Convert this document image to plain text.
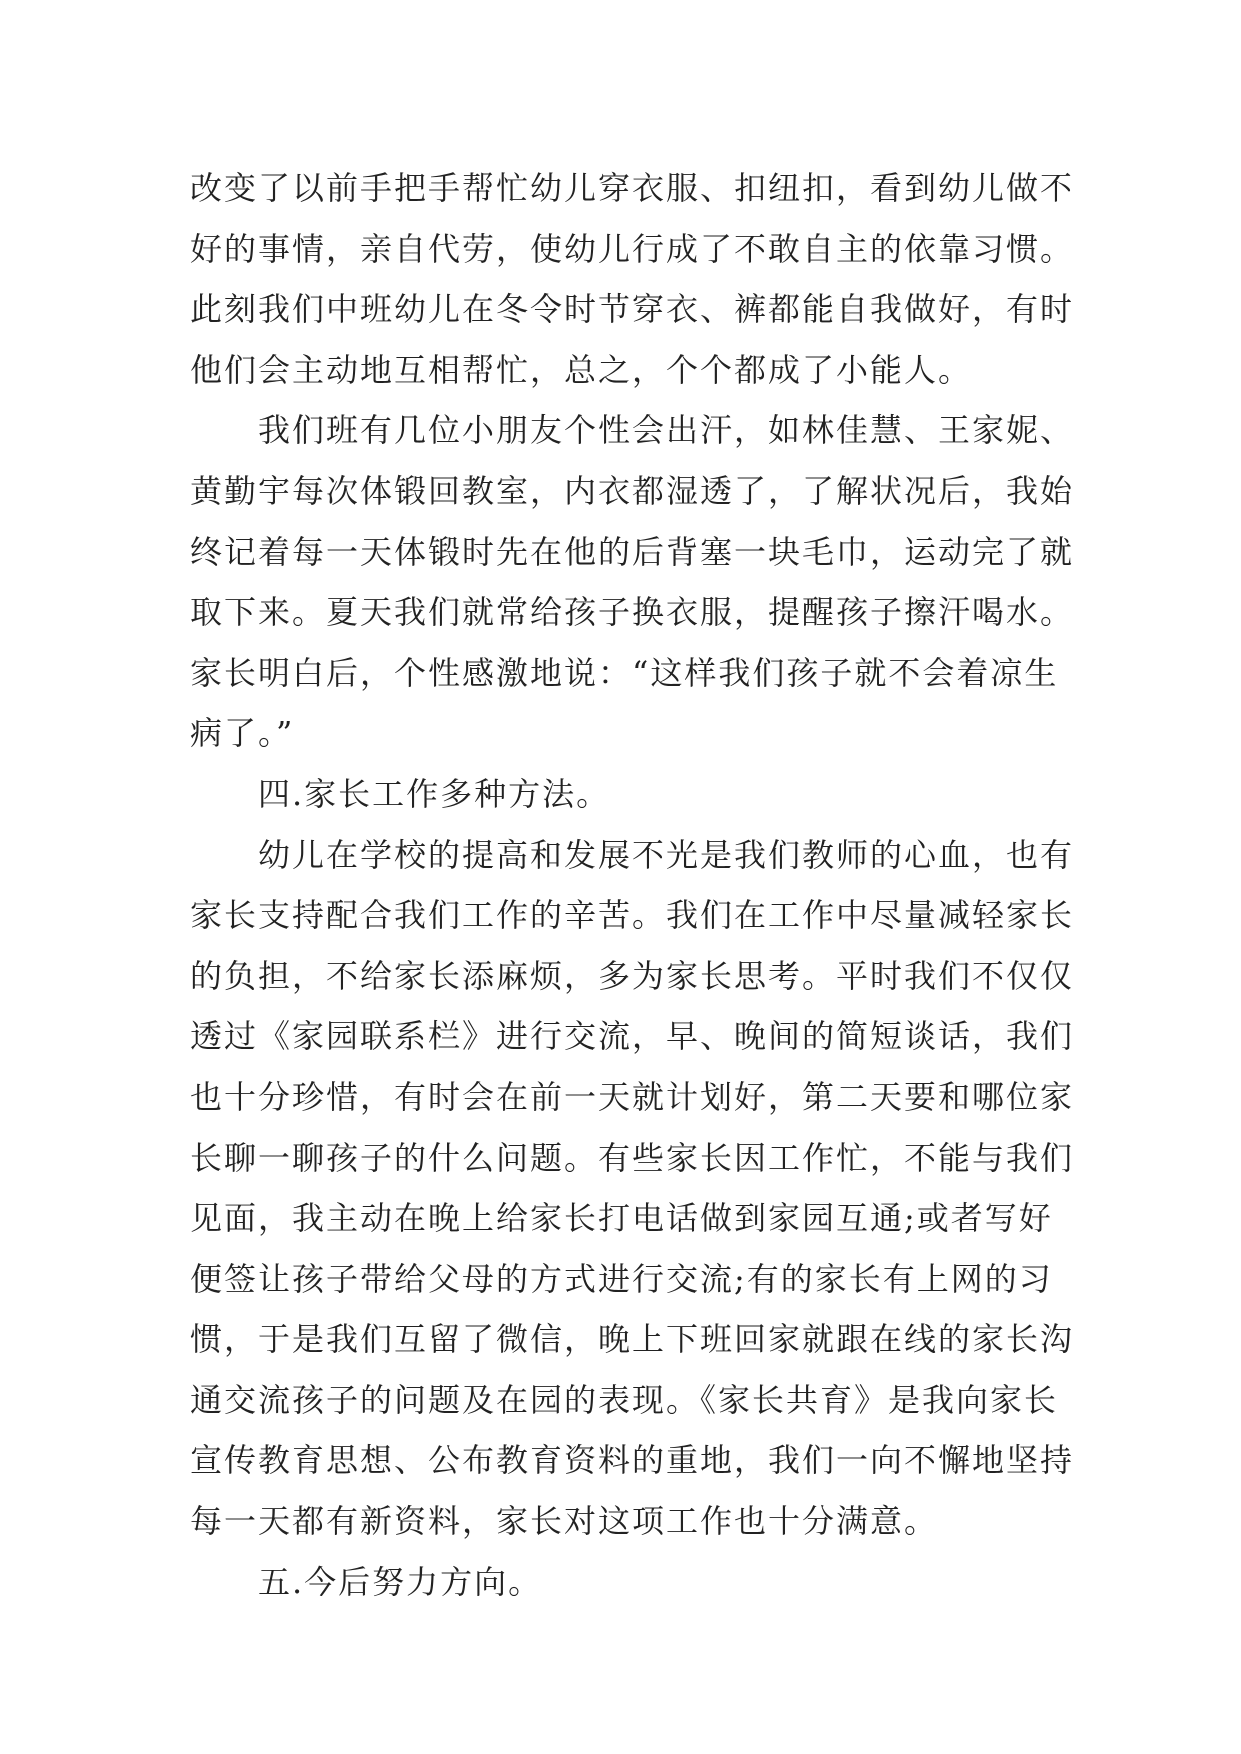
改变了以前手把手帮忙幼儿穿衣服、扣纽扣，看到幼儿做不
好的事情，亲自代劳，使幼儿行成了不敢自主的依靠习惯。
此刻我们中班幼儿在冬令时节穿衣、裤都能自我做好，有时
他们会主动地互相帮忙，总之，个个都成了小能人。
我们班有几位小朋友个性会出汗，如林佳慧、王家妮、
黄勤宇每次体锻回教室，内衣都湿透了，了解状况后，我始
终记着每一天体锻时先在他的后背塞一块毛巾，运动完了就
取下来。夏天我们就常给孩子换衣服，提醒孩子擦汗喝水。
家长明白后，个性感激地说：“这样我们孩子就不会着凉生
病了。”
四.家长工作多种方法。
幼儿在学校的提高和发展不光是我们教师的心血，也有
家长支持配合我们工作的辛苦。我们在工作中尽量减轻家长
的负担，不给家长添麻烦，多为家长思考。平时我们不仅仅
透过《家园联系栏》进行交流，早、晚间的简短谈话，我们
也十分珍惜，有时会在前一天就计划好，第二天要和哪位家
长聊一聊孩子的什么问题。有些家长因工作忙，不能与我们
见面，我主动在晚上给家长打电话做到家园互通;或者写好
便签让孩子带给父母的方式进行交流;有的家长有上网的习
惯，于是我们互留了微信，晚上下班回家就跟在线的家长沟
通交流孩子的问题及在园的表现。《家长共育》是我向家长
宣传教育思想、公布教育资料的重地，我们一向不懈地坚持
每一天都有新资料，家长对这项工作也十分满意。
五.今后努力方向。
